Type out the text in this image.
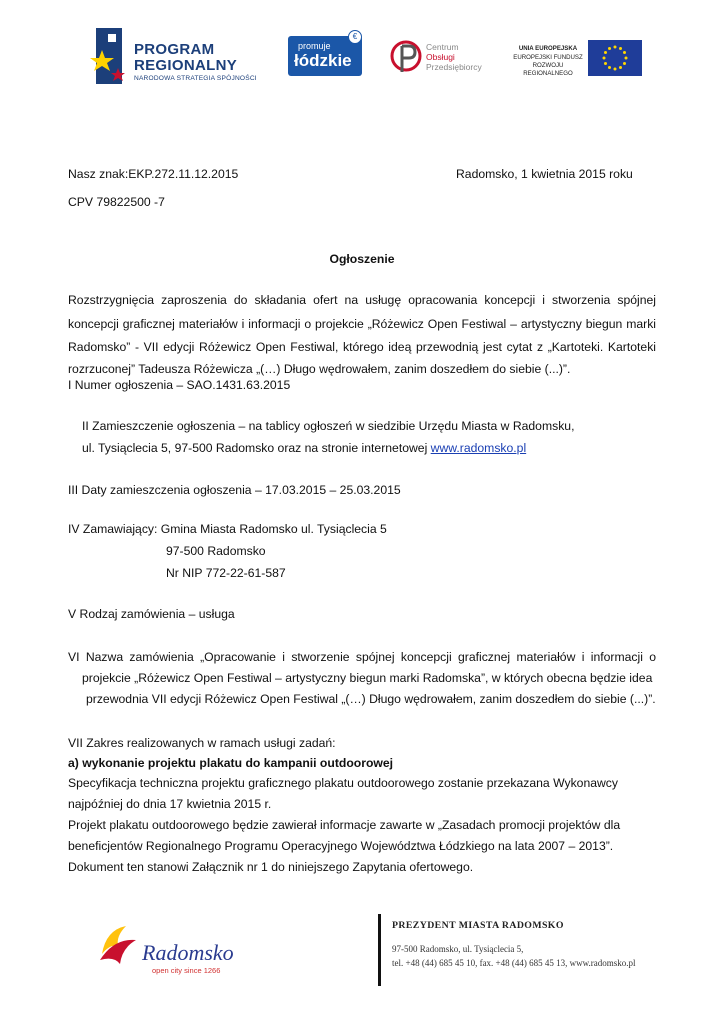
PROGRAM
REGIONALNY
NARODOWA STRATEGIA SPÓJNOŚCI
promuje
łódzkie
€
Centrum
Obsługi
Przedsiębiorcy
UNIA EUROPEJSKA
EUROPEJSKI FUNDUSZ
ROZWOJU REGIONALNEGO
Nasz znak:EKP.272.11.12.2015	Radomsko, 1 kwietnia 2015 roku
CPV 79822500 -7
Ogłoszenie
Rozstrzygnięcia zaproszenia do składania ofert na usługę opracowania koncepcji i stworzenia spójnej
koncepcji graficznej materiałów i informacji o projekcie „Różewicz Open Festiwal – artystyczny biegun marki
Radomsko” - VII edycji Różewicz Open Festiwal, którego ideą przewodnią jest cytat z „Kartoteki. Kartoteki
rozrzuconej” Tadeusza Różewicza „(…) Długo wędrowałem, zanim doszedłem do siebie (...)”.
I Numer ogłoszenia – SAO.1431.63.2015
II Zamieszczenie ogłoszenia – na tablicy ogłoszeń w siedzibie Urzędu Miasta w Radomsku,
ul. Tysiąclecia 5, 97-500 Radomsko oraz na stronie internetowej www.radomsko.pl
III Daty zamieszczenia ogłoszenia – 17.03.2015 – 25.03.2015
IV Zamawiający: Gmina Miasta Radomsko ul. Tysiąclecia 5
97-500 Radomsko
Nr NIP 772-22-61-587
V Rodzaj zamówienia – usługa
VI Nazwa zamówienia „Opracowanie i stworzenie spójnej koncepcji graficznej materiałów i informacji o
projekcie „Różewicz Open Festiwal – artystyczny biegun marki Radomska”, w których obecna będzie idea
przewodnia VII edycji Różewicz Open Festiwal „(…) Długo wędrowałem, zanim doszedłem do siebie (...)”.
VII Zakres realizowanych w ramach usługi zadań:
a) wykonanie projektu plakatu do kampanii outdoorowej
Specyfikacja techniczna projektu graficznego plakatu outdoorowego zostanie przekazana Wykonawcy
najpóźniej do dnia 17 kwietnia 2015 r.
Projekt plakatu outdoorowego będzie zawierał informacje zawarte w „Zasadach promocji projektów dla
beneficjentów Regionalnego Programu Operacyjnego Województwa Łódzkiego na lata 2007 – 2013”.
Dokument ten stanowi Załącznik nr 1 do niniejszego Zapytania ofertowego.
Radomsko
open city since 1266
PREZYDENT MIASTA RADOMSKO
97-500 Radomsko, ul. Tysiąclecia 5,
tel. +48 (44) 685 45 10, fax. +48 (44) 685 45 13, www.radomsko.pl
